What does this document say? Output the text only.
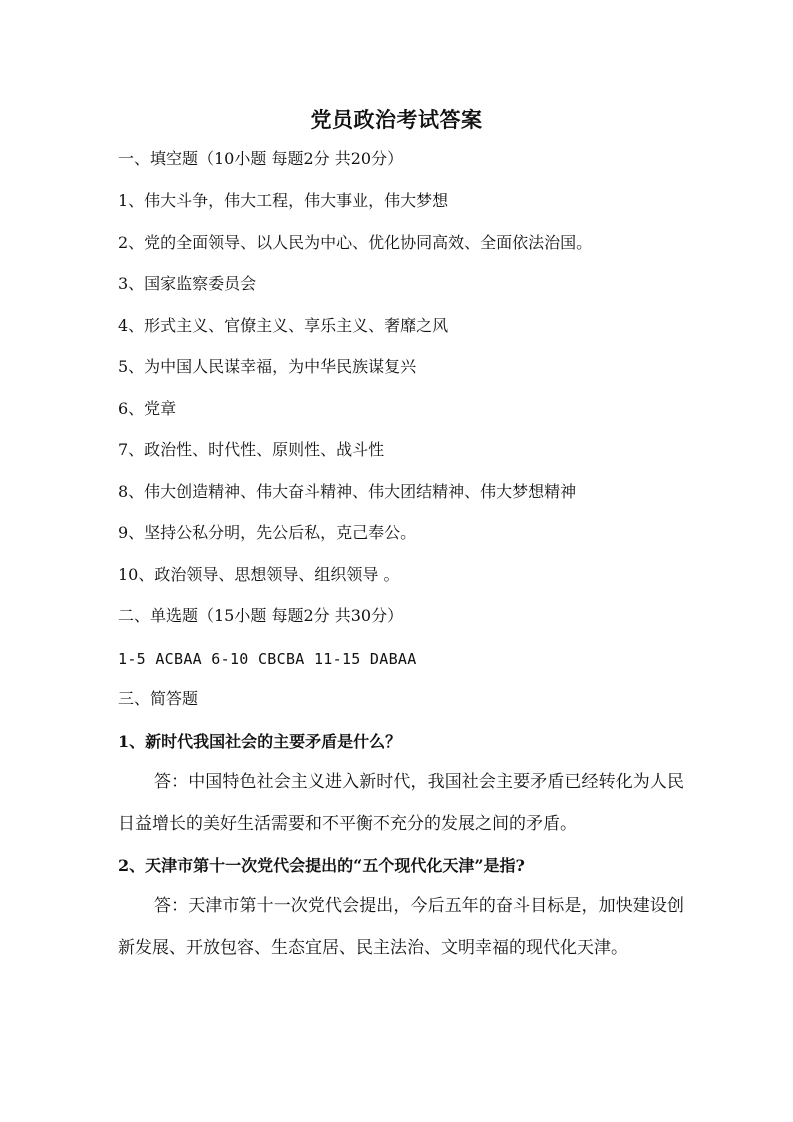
党员政治考试答案
一、填空题（10小题 每题2分 共20分）
1、伟大斗争，伟大工程，伟大事业，伟大梦想
2、党的全面领导、以人民为中心、优化协同高效、全面依法治国。
3、国家监察委员会
4、形式主义、官僚主义、享乐主义、奢靡之风
5、为中国人民谋幸福，为中华民族谋复兴
6、党章
7、政治性、时代性、原则性、战斗性
8、伟大创造精神、伟大奋斗精神、伟大团结精神、伟大梦想精神
9、坚持公私分明，先公后私，克己奉公。
10、政治领导、思想领导、组织领导 。
二、单选题（15小题 每题2分 共30分）
1-5 ACBAA 6-10 CBCBA 11-15 DABAA
三、简答题
1、新时代我国社会的主要矛盾是什么？
答：中国特色社会主义进入新时代，我国社会主要矛盾已经转化为人民日益增长的美好生活需要和不平衡不充分的发展之间的矛盾。
2、天津市第十一次党代会提出的“五个现代化天津”是指?
答：天津市第十一次党代会提出，今后五年的奋斗目标是，加快建设创新发展、开放包容、生态宜居、民主法治、文明幸福的现代化天津。
